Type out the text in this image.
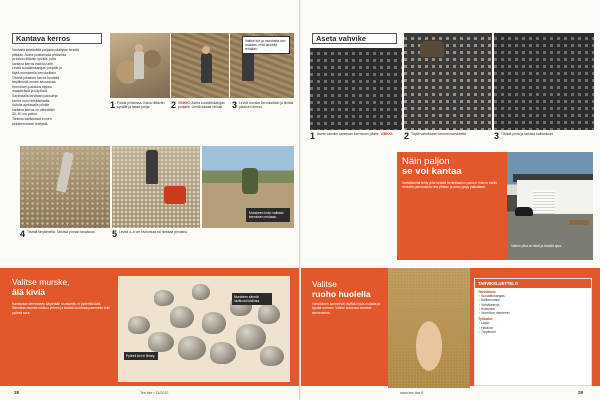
Kantava kerros
Vanhalla kestävällä pohjalla päällyste kestää
pitkään. Aloita poistamalla pintamaa
ja kaiva riittävän syvälle, jotta
kantava kerros mahtuu alle.
Levitä suodatinkangas pohjalle ja
täytä murskeella kerroksittain.
Tiivistä jokainen kerros huolella
täryttimellä ennen seuraavaa.
Kerroksen paksuus riippuu
maaperästä ja käytöstä.
Savimaalla tarvitaan paksumpi
kerros kuin hiekkamaalla.
Autolla ajettavalle pihalle
kantava kerros on vähintään
30–40 cm paksu.
Tarkista kallistukset ennen
pintakerroksen levitystä.
Valitse kivi ja mursketta sen mukaan, mitä alueella tehdään.
1 Poista pintamaa. Kaiva riittävän syvälle ja tasaa pohja.	2 VINKKI: Aseta suodatinkangas pohjalle. Limitä kaistat reilusti. 3 Levitä murske kerroksittain ja tiivistä jokainen kerros.
Murskeen koko valitaan kerroksen mukaan.
4 Tiivistä täryttimellä. Tarkista pinnan tasaisuus.	5 Levitä 4–5 cm kivituhkaa tai hiekkaa pinnaksi.
Valitse murske,
älä kiviä
Kantavaan kerrokseen käytetään mursketta, ei pyöreitä kiviä. Särmikäs murske lukittuu yhteen ja kestää kuormaa paremmin kuin pyöreä sora.
Murskeen särmät lukittuvat toisiinsa.
Pyöreä kivi ei tiivisty.
28	Tee itse • 11/2012
Aseta vahvike
1 Aseta vahvike kantavan kerroksen päälle. VINKKI:	2 Täytä vahvikkeen kennot murskeella.	3 Tiivistä pinta ja tarkista kallistukset.
Näin paljon
se voi kantaa
Vahvikkeella tehty piha kestää henkilöauton painon. Kenno estää renkaita painamasta uria pihaan ja sora pysyy paikallaan.
Valmis piha on siisti ja kestää ajoa.
Valitse
ruoho huolella
Vahvikkeen kennot voi täyttää myös mullalla ja kylvää nurmen. Valitse kulutusta kestävä siemenseos.
TARVIKELUETTELO
Tarvikkeet
▪ Suodatinkangas
▪ Kalliomurske
▪ Vahvikelevyt
▪ Kivituhka
▪ Nurmikon siemenet
Työkalut
▪ Lapio
▪ Haravat
▪ Täryttimet
29
www.tee-itse.fi
